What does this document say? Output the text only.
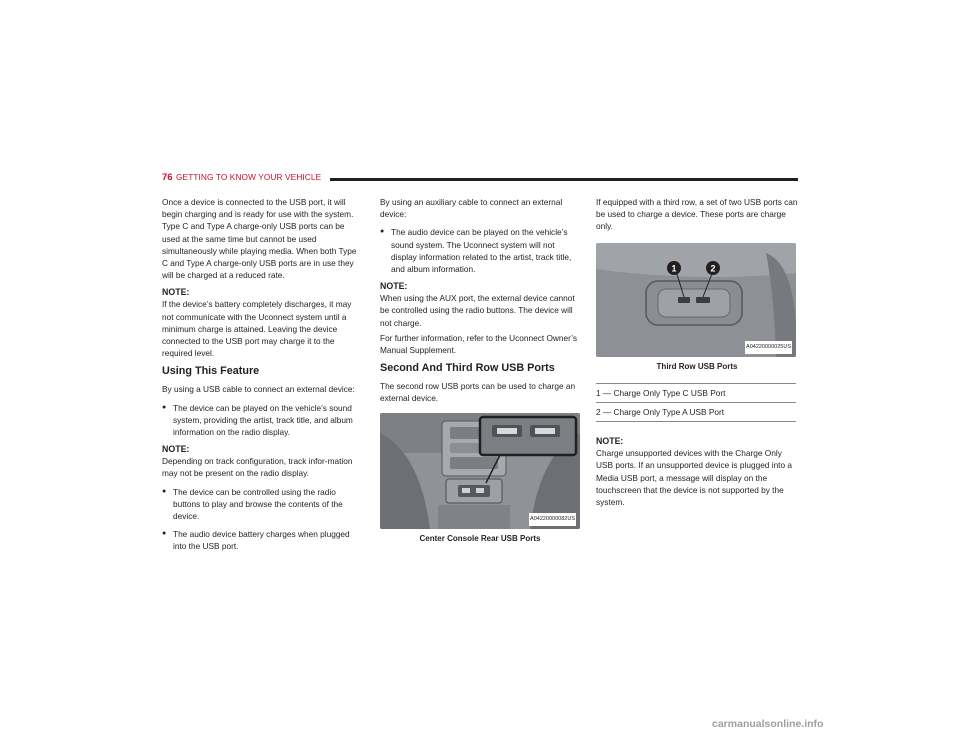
76 GETTING TO KNOW YOUR VEHICLE

Once a device is connected to the USB port, it will begin charging and is ready for use with the system. Type C and Type A charge-only USB ports can be used at the same time but cannot be used simultaneously while playing media. When both Type C and Type A charge-only USB ports are in use they will be charged at a reduced rate.

NOTE:

If the device’s battery completely discharges, it may not communicate with the Uconnect system until a minimum charge is attained. Leaving the device connected to the USB port may charge it to the required level.

Using This Feature

By using a USB cable to connect an external device:

● The device can be played on the vehicle’s sound system, providing the artist, track title, and album information on the radio display.
NOTE:

Depending on track configuration, track infor-mation may not be present on the radio display.

● The device can be controlled using the radio buttons to play and browse the contents of the device.
● The audio device battery charges when plugged into the USB port.

By using an auxiliary cable to connect an external device:

● The audio device can be played on the vehicle’s sound system. The Uconnect system will not display information related to the artist, track title, and album information.
NOTE:

When using the AUX port, the external device cannot be controlled using the radio buttons. The device will not charge.

For further information, refer to the Uconnect Owner’s Manual Supplement.

Second And Third Row USB Ports

The second row USB ports can be used to charge an external device.

A04220000082US
Center Console Rear USB Ports

If equipped with a third row, a set of two USB ports can be used to charge a device. These ports are charge only.

1	2
A04220000025US
Third Row USB Ports
1 — Charge Only Type C USB Port
2 — Charge Only Type A USB Port
NOTE:

Charge unsupported devices with the Charge Only USB ports. If an unsupported device is plugged into a Media USB port, a message will display on the touchscreen that the device is not supported by the system.

carmanualsonline.info
